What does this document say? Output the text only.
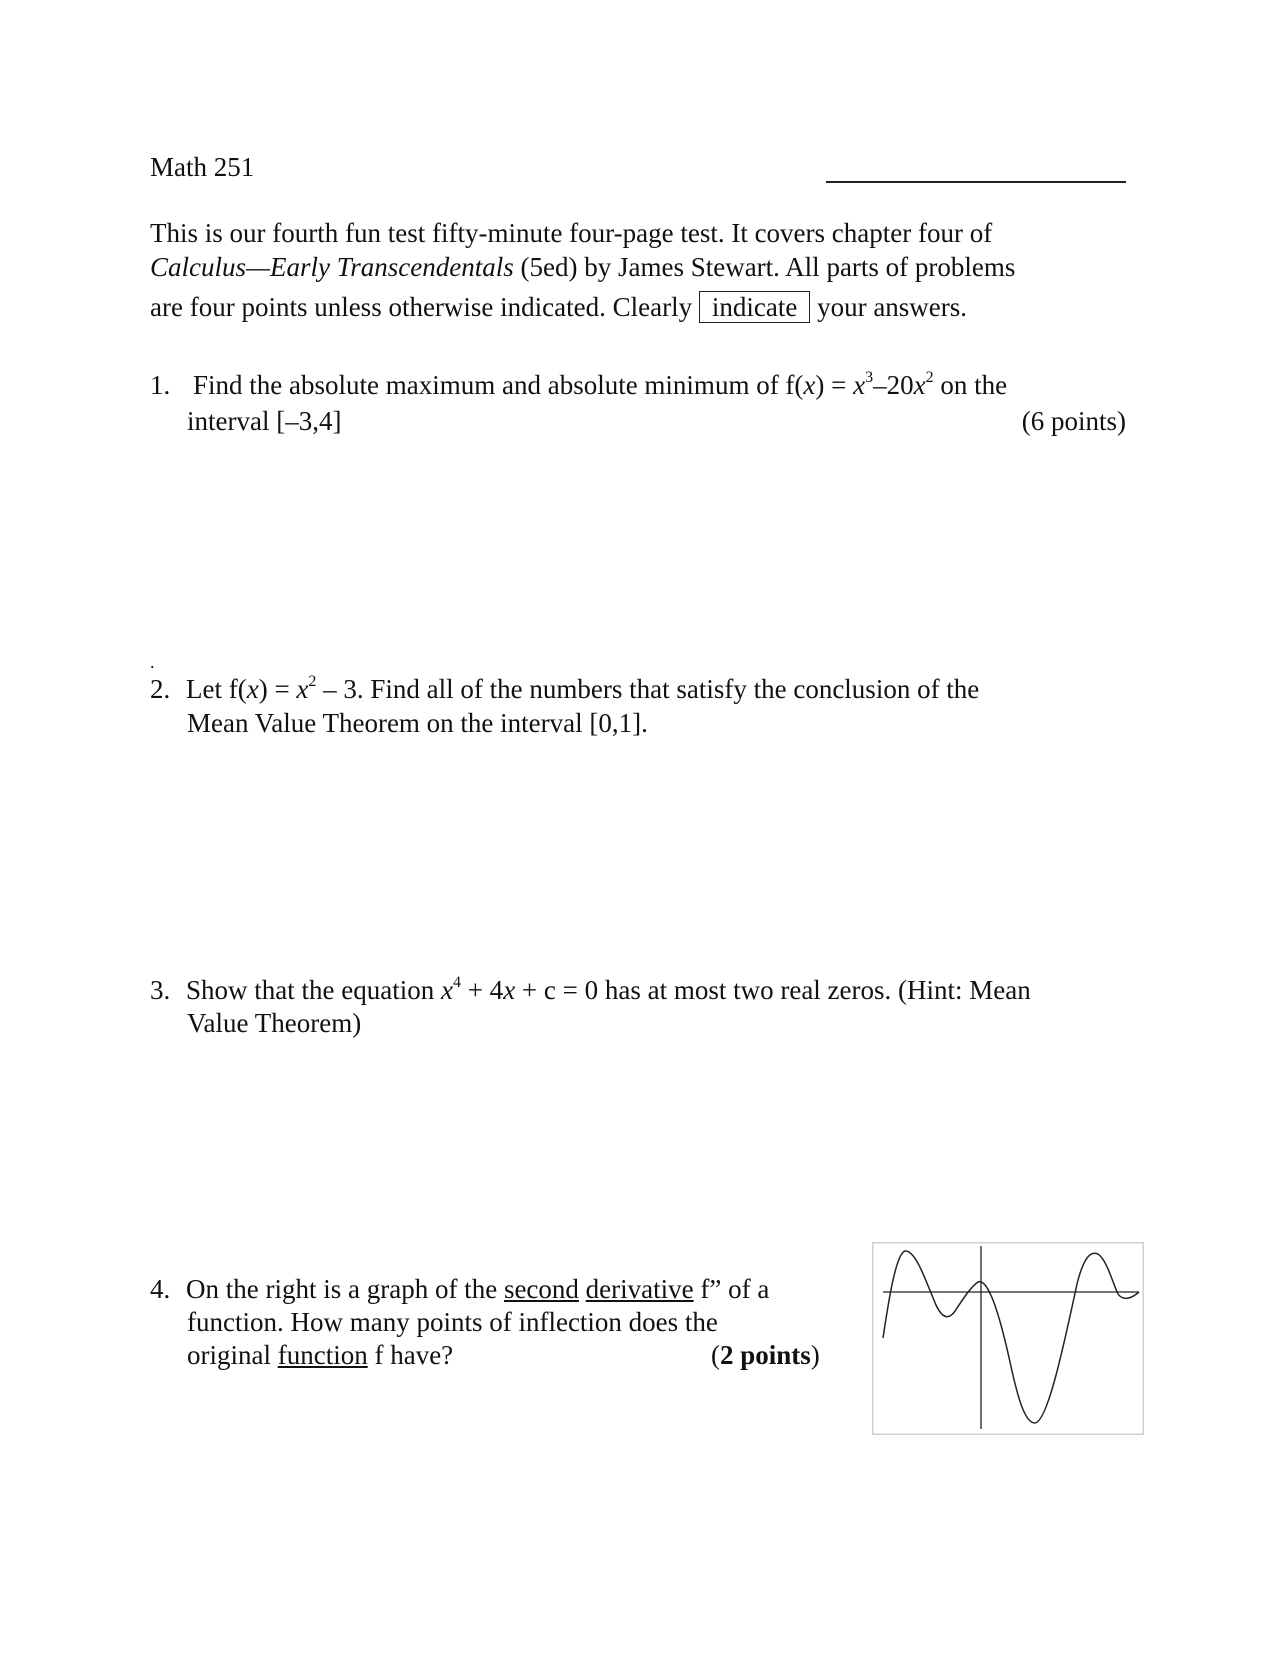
Math 251
This is our fourth fun test fifty-minute four-page test. It covers chapter four of
Calculus—Early Transcendentals (5ed) by James Stewart. All parts of problems
are four points unless otherwise indicated. Clearly indicate your answers.
1. Find the absolute maximum and absolute minimum of $f(x) = x^3-20x^2$ on the
interval [–3,4]	(6 points)
.
2. Let $f(x) = x^2 - 3$. Find all of the numbers that satisfy the conclusion of the
Mean Value Theorem on the interval [0,1].
3. Show that the equation $x^4 + 4x + c = 0$ has at most two real zeros. (Hint: Mean
Value Theorem)
4. On the right is a graph of the second derivative f” of a
function. How many points of inflection does the
original function f have?	(2 points)
